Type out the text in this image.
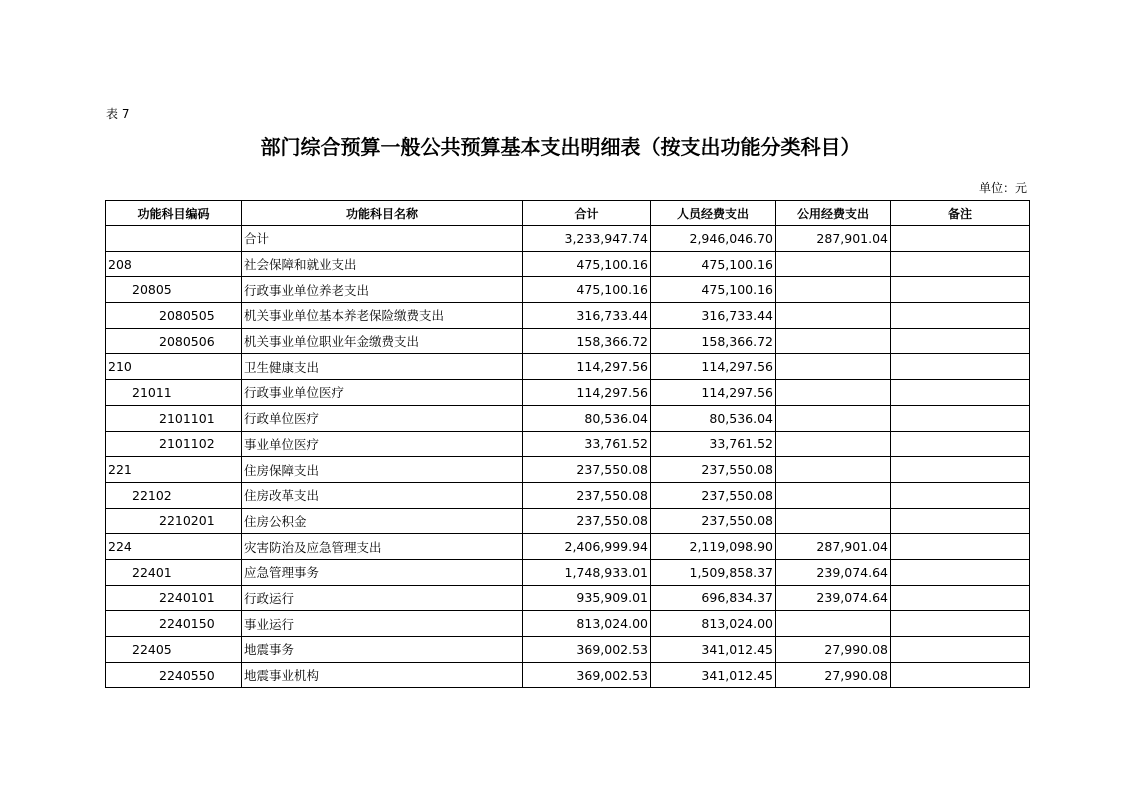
表 7
部门综合预算一般公共预算基本支出明细表（按支出功能分类科目）
单位：元
功能科目编码	功能科目名称	合计	人员经费支出	公用经费支出	备注
	合计	3,233,947.74	2,946,046.70	287,901.04	
208	社会保障和就业支出	475,100.16	475,100.16		
20805	行政事业单位养老支出	475,100.16	475,100.16		
2080505	机关事业单位基本养老保险缴费支出	316,733.44	316,733.44		
2080506	机关事业单位职业年金缴费支出	158,366.72	158,366.72		
210	卫生健康支出	114,297.56	114,297.56		
21011	行政事业单位医疗	114,297.56	114,297.56		
2101101	行政单位医疗	80,536.04	80,536.04		
2101102	事业单位医疗	33,761.52	33,761.52		
221	住房保障支出	237,550.08	237,550.08		
22102	住房改革支出	237,550.08	237,550.08		
2210201	住房公积金	237,550.08	237,550.08		
224	灾害防治及应急管理支出	2,406,999.94	2,119,098.90	287,901.04	
22401	应急管理事务	1,748,933.01	1,509,858.37	239,074.64	
2240101	行政运行	935,909.01	696,834.37	239,074.64	
2240150	事业运行	813,024.00	813,024.00		
22405	地震事务	369,002.53	341,012.45	27,990.08	
2240550	地震事业机构	369,002.53	341,012.45	27,990.08	
